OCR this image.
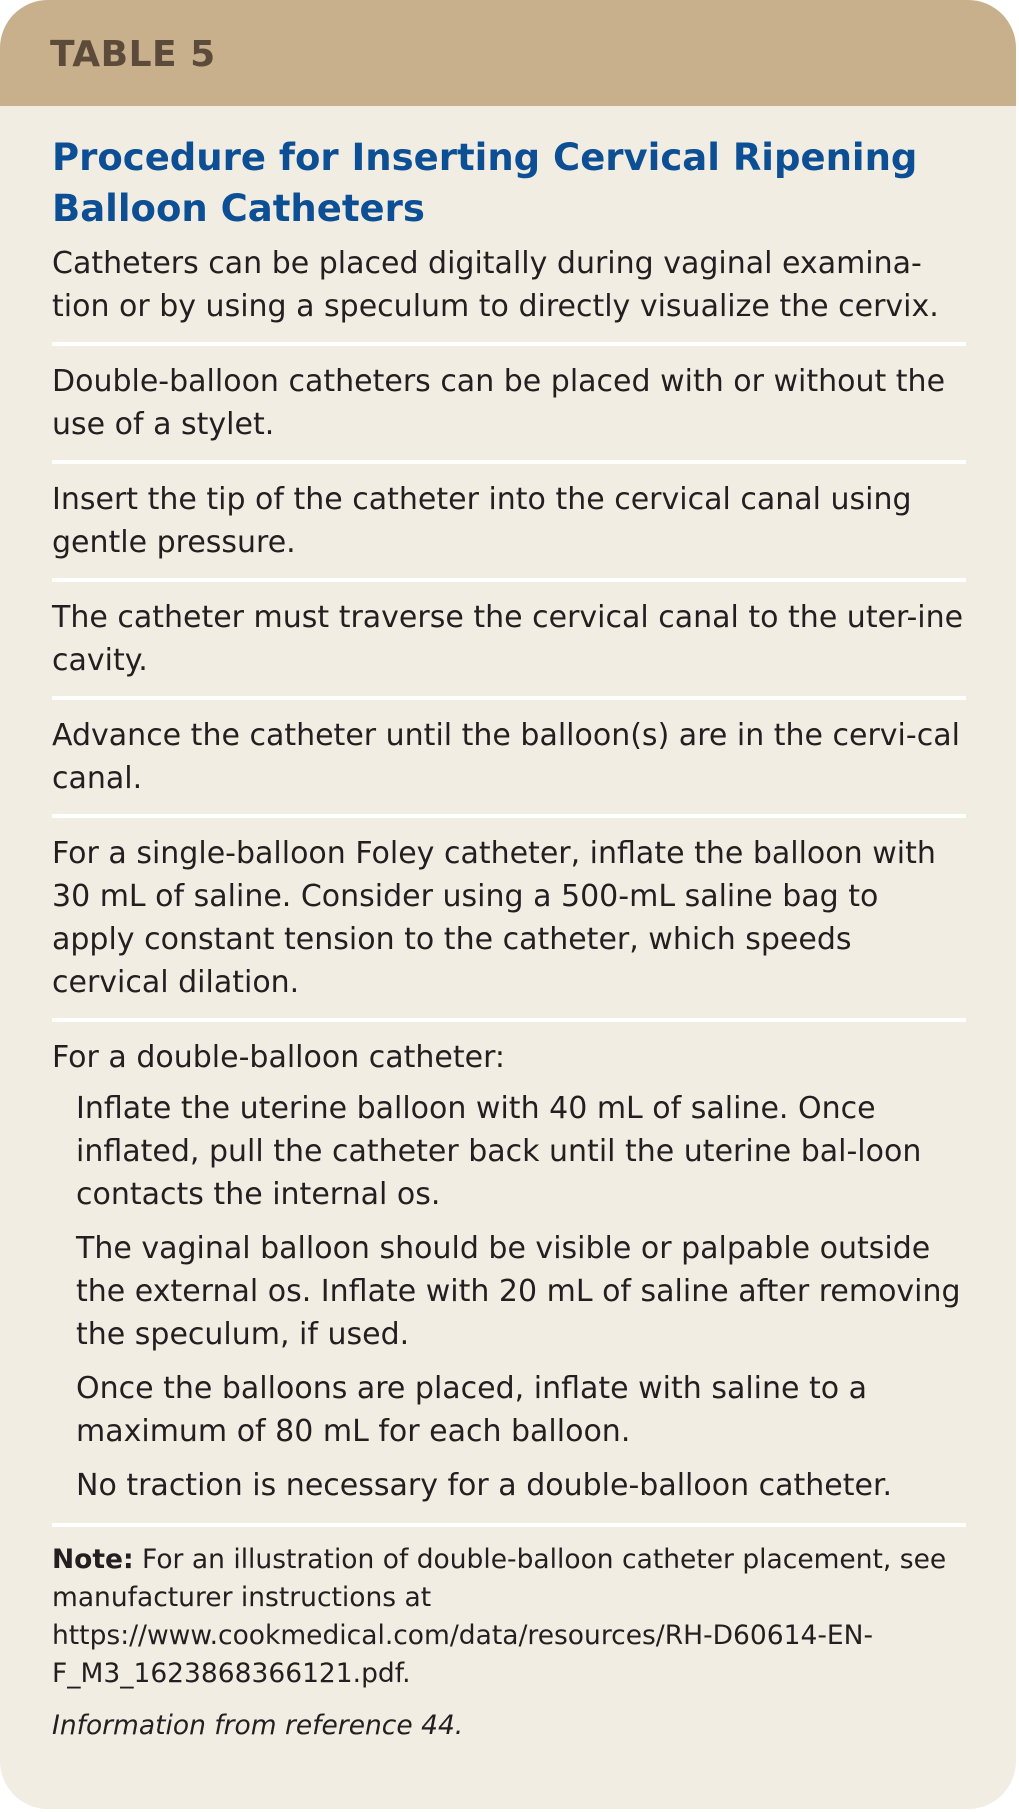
TABLE 5
Procedure for Inserting Cervical Ripening Balloon Catheters
Catheters can be placed digitally during vaginal examina-tion or by using a speculum to directly visualize the cervix.
Double-balloon catheters can be placed with or without the use of a stylet.
Insert the tip of the catheter into the cervical canal using gentle pressure.
The catheter must traverse the cervical canal to the uter-ine cavity.
Advance the catheter until the balloon(s) are in the cervi-cal canal.
For a single-balloon Foley catheter, inflate the balloon with 30 mL of saline. Consider using a 500-mL saline bag to apply constant tension to the catheter, which speeds cervical dilation.
For a double-balloon catheter:
Inflate the uterine balloon with 40 mL of saline. Once inflated, pull the catheter back until the uterine bal-loon contacts the internal os.
The vaginal balloon should be visible or palpable outside the external os. Inflate with 20 mL of saline after removing the speculum, if used.
Once the balloons are placed, inflate with saline to a maximum of 80 mL for each balloon.
No traction is necessary for a double-balloon catheter.
Note: For an illustration of double-balloon catheter placement, see manufacturer instructions at https://www.cookmedical.com/data/resources/RH-D60614-EN-F_M3_1623868366121.pdf.
Information from reference 44.
